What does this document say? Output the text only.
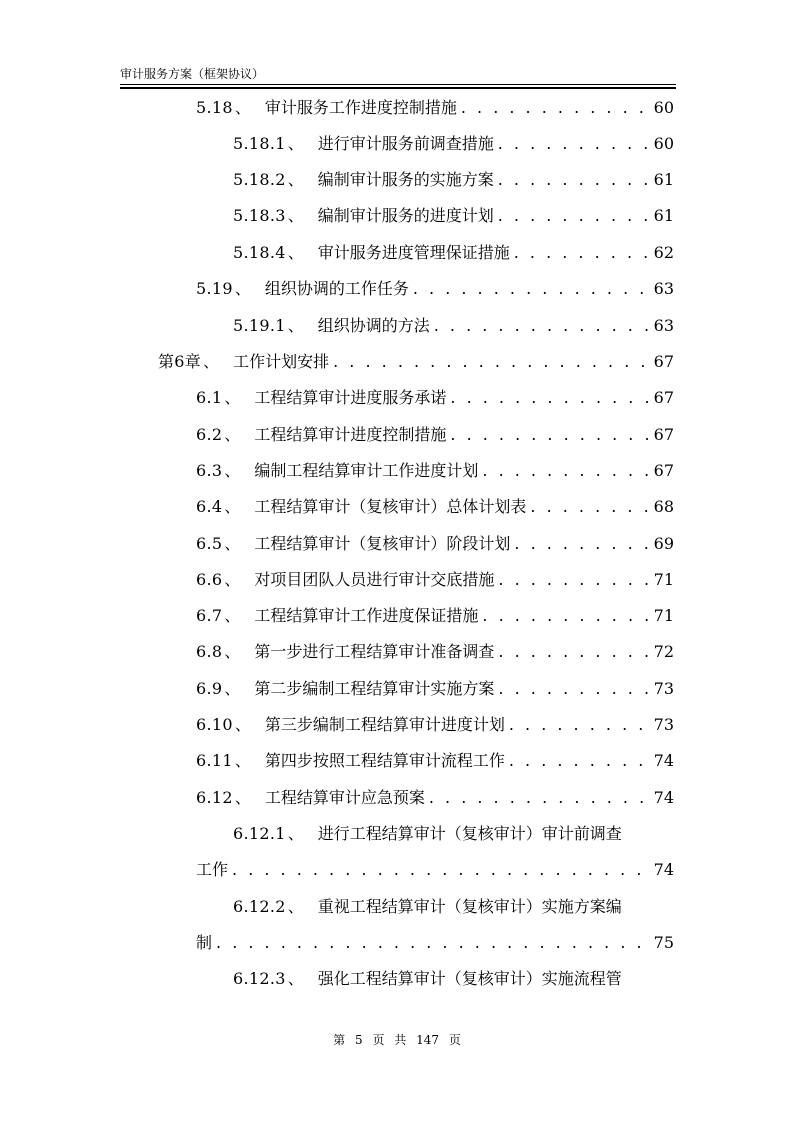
审计服务方案（框架协议）
5.18 、 审计服务工作进度控制措施 . . .	60
5.18.1 、 进行审计服务前调查措施 . . .	60
5.18.2 、 编制审计服务的实施方案 . . .	61
5.18.3 、 编制审计服务的进度计划 . . .	61
5.18.4 、 审计服务进度管理保证措施 . . .	62
5.19 、 组织协调的工作任务 . . .	63
5.19.1 、 组织协调的方法 . . .	63
第6章 、 工作计划安排 . . .	67
6.1 、 工程结算审计进度服务承诺 . . .	67
6.2 、 工程结算审计进度控制措施 . . .	67
6.3 、 编制工程结算审计工作进度计划 . . .	67
6.4 、 工程结算审计（复核审计）总体计划表 . . .	68
6.5 、 工程结算审计（复核审计）阶段计划 . . .	69
6.6 、 对项目团队人员进行审计交底措施 . . .	71
6.7 、 工程结算审计工作进度保证措施 . . .	71
6.8 、 第一步进行工程结算审计准备调查 . . .	72
6.9 、 第二步编制工程结算审计实施方案 . . .	73
6.10 、 第三步编制工程结算审计进度计划 . . .	73
6.11 、 第四步按照工程结算审计流程工作 . . .	74
6.12 、 工程结算审计应急预案 . . .	74
6.12.1 、 进行工程结算审计（复核审计）审计前调查
工作 . . .	74
6.12.2 、 重视工程结算审计（复核审计）实施方案编
制 . . .	75
6.12.3 、 强化工程结算审计（复核审计）实施流程管
第 5 页 共 147 页
